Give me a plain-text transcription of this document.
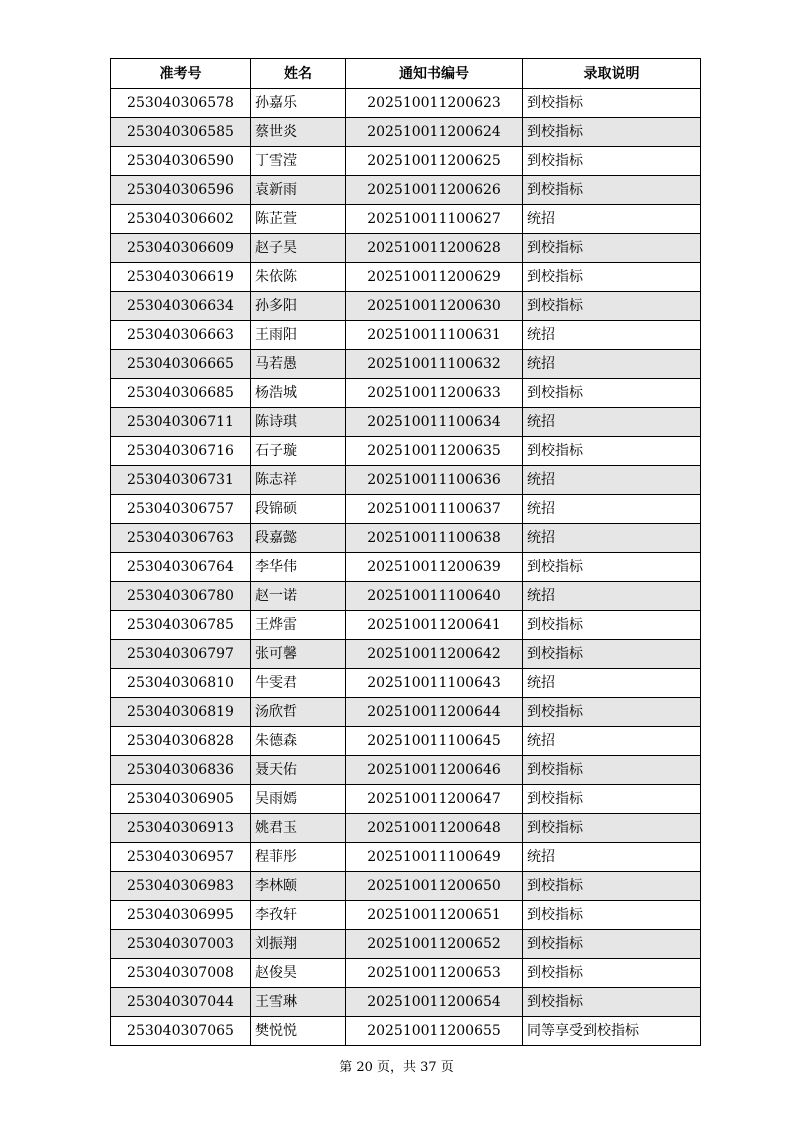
准考号	姓名	通知书编号	录取说明
253040306578	孙嘉乐	202510011200623	到校指标
253040306585	蔡世炎	202510011200624	到校指标
253040306590	丁雪滢	202510011200625	到校指标
253040306596	袁新雨	202510011200626	到校指标
253040306602	陈芷萱	202510011100627	统招
253040306609	赵子昊	202510011200628	到校指标
253040306619	朱依陈	202510011200629	到校指标
253040306634	孙多阳	202510011200630	到校指标
253040306663	王雨阳	202510011100631	统招
253040306665	马若愚	202510011100632	统招
253040306685	杨浩城	202510011200633	到校指标
253040306711	陈诗琪	202510011100634	统招
253040306716	石子璇	202510011200635	到校指标
253040306731	陈志祥	202510011100636	统招
253040306757	段锦硕	202510011100637	统招
253040306763	段嘉懿	202510011100638	统招
253040306764	李华伟	202510011200639	到校指标
253040306780	赵一诺	202510011100640	统招
253040306785	王烨雷	202510011200641	到校指标
253040306797	张可馨	202510011200642	到校指标
253040306810	牛雯君	202510011100643	统招
253040306819	汤欣哲	202510011200644	到校指标
253040306828	朱德森	202510011100645	统招
253040306836	聂天佑	202510011200646	到校指标
253040306905	吴雨嫣	202510011200647	到校指标
253040306913	姚君玉	202510011200648	到校指标
253040306957	程菲彤	202510011100649	统招
253040306983	李林颐	202510011200650	到校指标
253040306995	李孜轩	202510011200651	到校指标
253040307003	刘振翔	202510011200652	到校指标
253040307008	赵俊昊	202510011200653	到校指标
253040307044	王雪琳	202510011200654	到校指标
253040307065	樊悦悦	202510011200655	同等享受到校指标
第 20 页，共 37 页
